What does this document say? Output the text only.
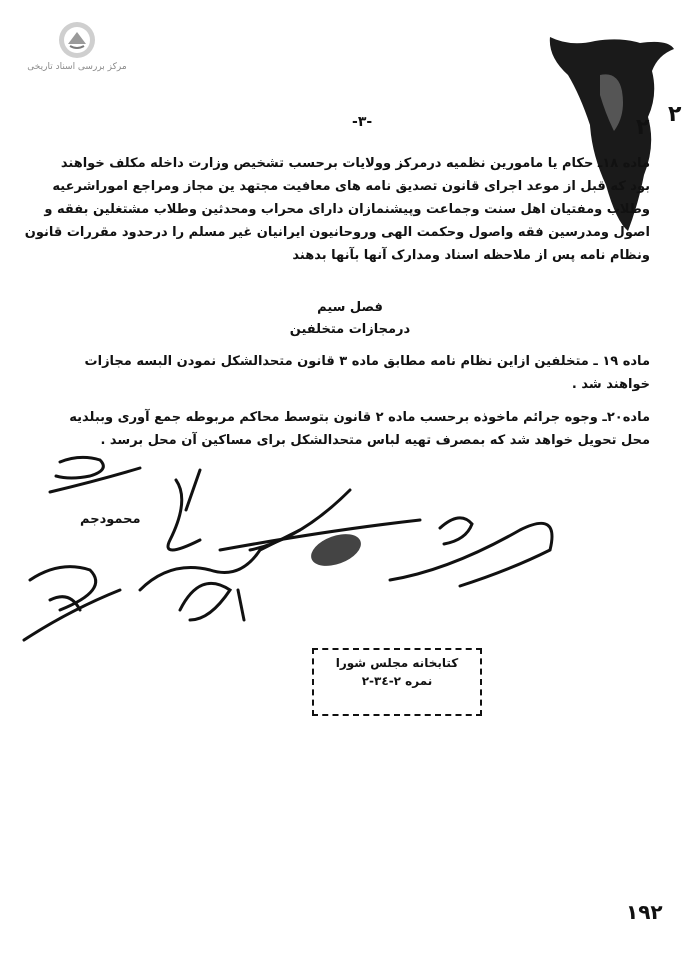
مرکز بررسی اسناد تاریخی
-٣-	٢
٢
ماده ١٨ـ حکام یا مامورین نظمیه درمرکز وولایات برحسب تشخیص وزارت داخله مکلف خواهند
بود که قبل از موعد اجرای قانون تصدیق نامه های معافیت مجتهد ین مجاز ومراجع اموراشرعیه
وطلاب ومفتیان اهل سنت وجماعت وپیشنمازان دارای محراب ومحدثین وطلاب مشتغلین بفقه و
اصول ومدرسین فقه واصول وحکمت الهی وروحانیون ایرانیان غیر مسلم را درحدود مقررات قانون
ونظام نامه پس از ملاحظه اسناد ومدارک آنها بآنها بدهند
فصل سیم
درمجازات متخلفین
ماده ١٩ ـ متخلفین ازاین نظام نامه مطابق ماده ٣ قانون متحدالشکل نمودن البسه مجازات
خواهند شد .
ماده٢٠ـ وجوه جرائم ماخوذه برحسب ماده ٢ قانون بتوسط محاکم مربوطه جمع آوری وببلدیه
محل تحویل خواهد شد که بمصرف تهیه لباس متحدالشکل برای مساکین آن محل برسد .
محمودجم
کتابخانه مجلس شورا
نمره ٢-٣٤-٢
١٩٢
